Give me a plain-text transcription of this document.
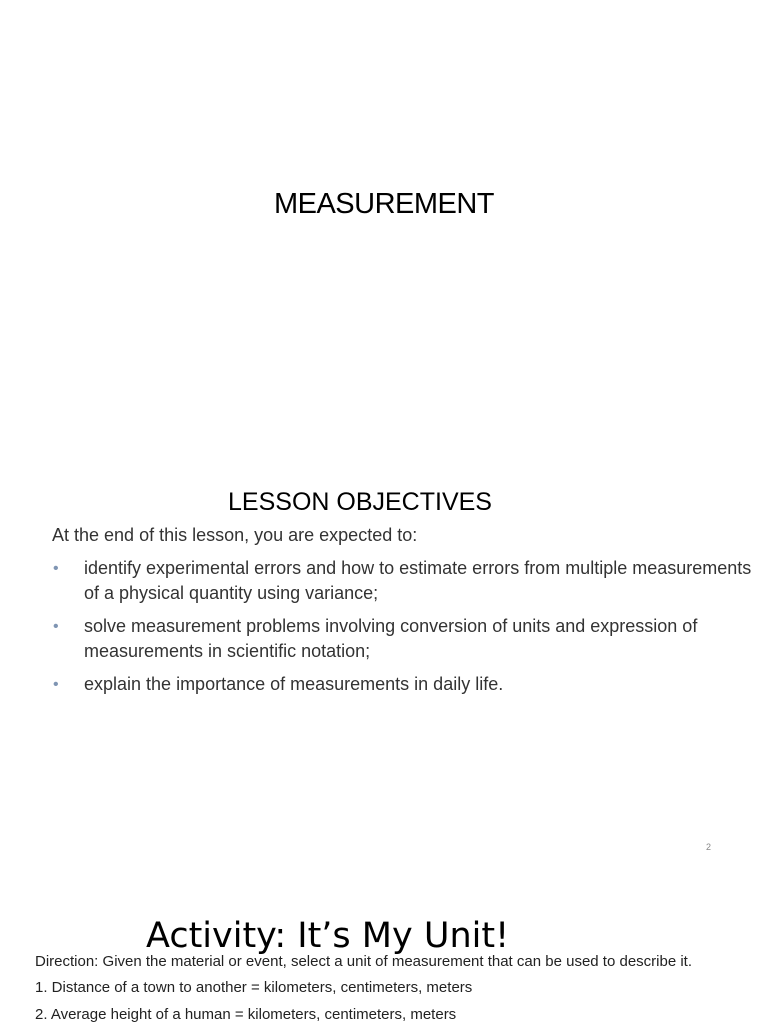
MEASUREMENT
LESSON OBJECTIVES
At the end of this lesson, you are expected to:
• identify experimental errors and how to estimate errors from multiple measurements of a physical quantity using variance;
• solve measurement problems involving conversion of units and expression of measurements in scientific notation;
• explain the importance of measurements in daily life.
2
Activity: It’s My Unit!
Direction: Given the material or event, select a unit of measurement that can be used to describe it.
1. Distance of a town to another = kilometers, centimeters, meters
2. Average height of a human = kilometers, centimeters, meters
